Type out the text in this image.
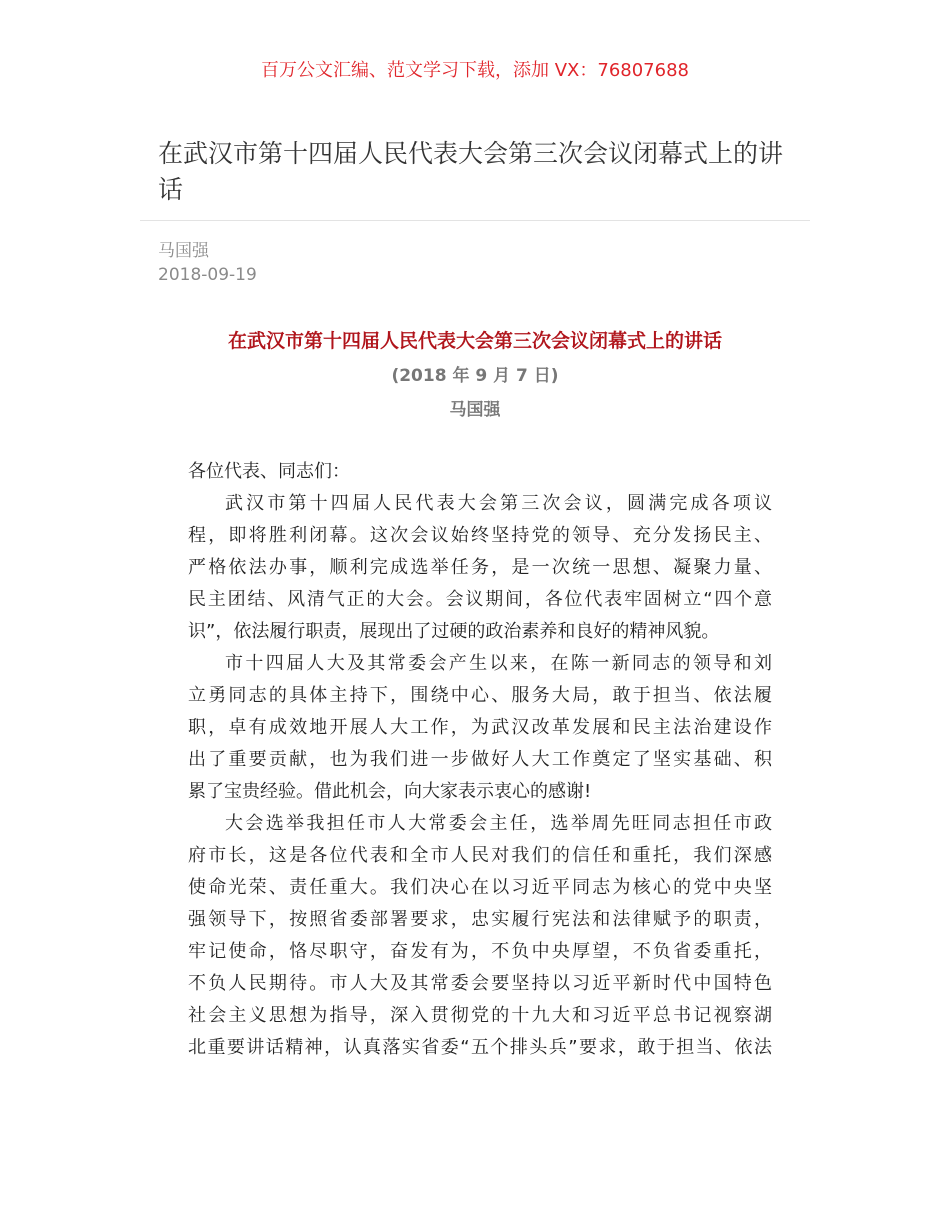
百万公文汇编、范文学习下载，添加 VX：76807688
在武汉市第十四届人民代表大会第三次会议闭幕式上的讲话
马国强
2018-09-19
在武汉市第十四届人民代表大会第三次会议闭幕式上的讲话
(2018 年 9 月 7 日)
马国强
各位代表、同志们：
武汉市第十四届人民代表大会第三次会议，圆满完成各项议
程，即将胜利闭幕。这次会议始终坚持党的领导、充分发扬民主、
严格依法办事，顺利完成选举任务，是一次统一思想、凝聚力量、
民主团结、风清气正的大会。会议期间，各位代表牢固树立“四个意
识”，依法履行职责，展现出了过硬的政治素养和良好的精神风貌。
市十四届人大及其常委会产生以来，在陈一新同志的领导和刘
立勇同志的具体主持下，围绕中心、服务大局，敢于担当、依法履
职，卓有成效地开展人大工作，为武汉改革发展和民主法治建设作
出了重要贡献，也为我们进一步做好人大工作奠定了坚实基础、积
累了宝贵经验。借此机会，向大家表示衷心的感谢!
大会选举我担任市人大常委会主任，选举周先旺同志担任市政
府市长，这是各位代表和全市人民对我们的信任和重托，我们深感
使命光荣、责任重大。我们决心在以习近平同志为核心的党中央坚
强领导下，按照省委部署要求，忠实履行宪法和法律赋予的职责，
牢记使命，恪尽职守，奋发有为，不负中央厚望，不负省委重托，
不负人民期待。市人大及其常委会要坚持以习近平新时代中国特色
社会主义思想为指导，深入贯彻党的十九大和习近平总书记视察湖
北重要讲话精神，认真落实省委“五个排头兵”要求，敢于担当、依法
